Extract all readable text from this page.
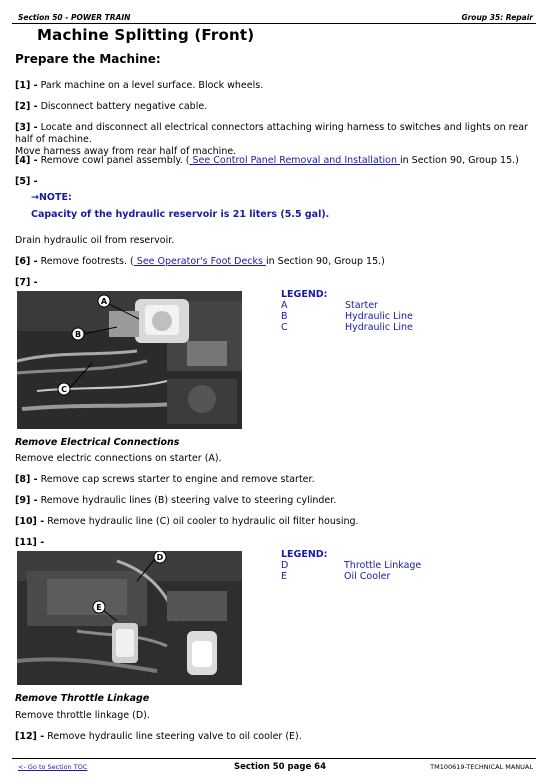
Section 50 - POWER TRAIN	Group 35: Repair
Machine Splitting (Front)
Prepare the Machine:
[1] - Park machine on a level surface. Block wheels.
[2] - Disconnect battery negative cable.
[3] - Locate and disconnect all electrical connectors attaching wiring harness to switches and lights on rear half of machine.
Move harness away from rear half of machine.
[4] - Remove cowl panel assembly. ( See Control Panel Removal and Installation in Section 90, Group 15.)
[5] -
→NOTE:
Capacity of the hydraulic reservoir is 21 liters (5.5 gal).
Drain hydraulic oil from reservoir.
[6] - Remove footrests. ( See Operator's Foot Decks in Section 90, Group 15.)
[7] -
A
B
C
LEGEND:
A	Starter
B	Hydraulic Line
C	Hydraulic Line
Remove Electrical Connections
Remove electric connections on starter (A).
[8] - Remove cap screws starter to engine and remove starter.
[9] - Remove hydraulic lines (B) steering valve to steering cylinder.
[10] - Remove hydraulic line (C) oil cooler to hydraulic oil filter housing.
[11] -
D
E
LEGEND:
D	Throttle Linkage
E	Oil Cooler
Remove Throttle Linkage
Remove throttle linkage (D).
[12] - Remove hydraulic line steering valve to oil cooler (E).
<- Go to Section TOC	Section 50 page 64	TM100619-TECHNICAL MANUAL
